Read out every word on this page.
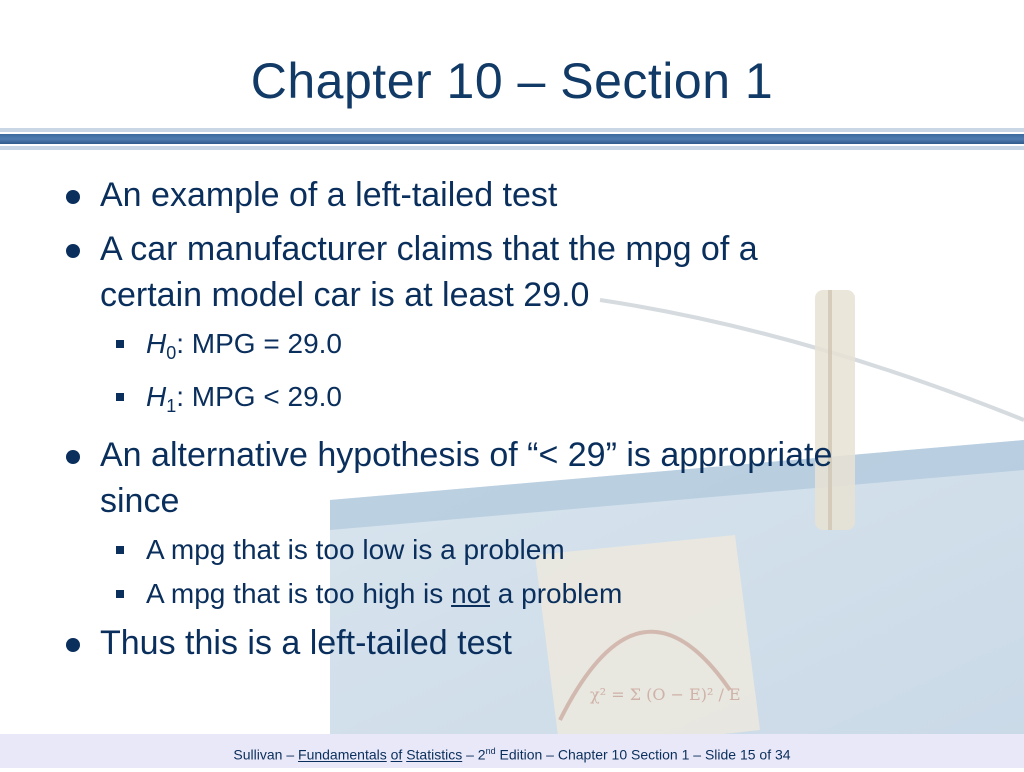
χ² = Σ (O − E)² / E
Chapter 10 – Section 1
An example of a left-tailed test
A car manufacturer claims that the mpg of a
certain model car is at least 29.0
$H_0$: MPG = 29.0
$H_1$: MPG < 29.0
An alternative hypothesis of “< 29” is appropriate
since
A mpg that is too low is a problem
A mpg that is too high is not a problem
Thus this is a left-tailed test
Sullivan – Fundamentals of Statistics – 2nd Edition – Chapter 10 Section 1 – Slide 15 of 34
